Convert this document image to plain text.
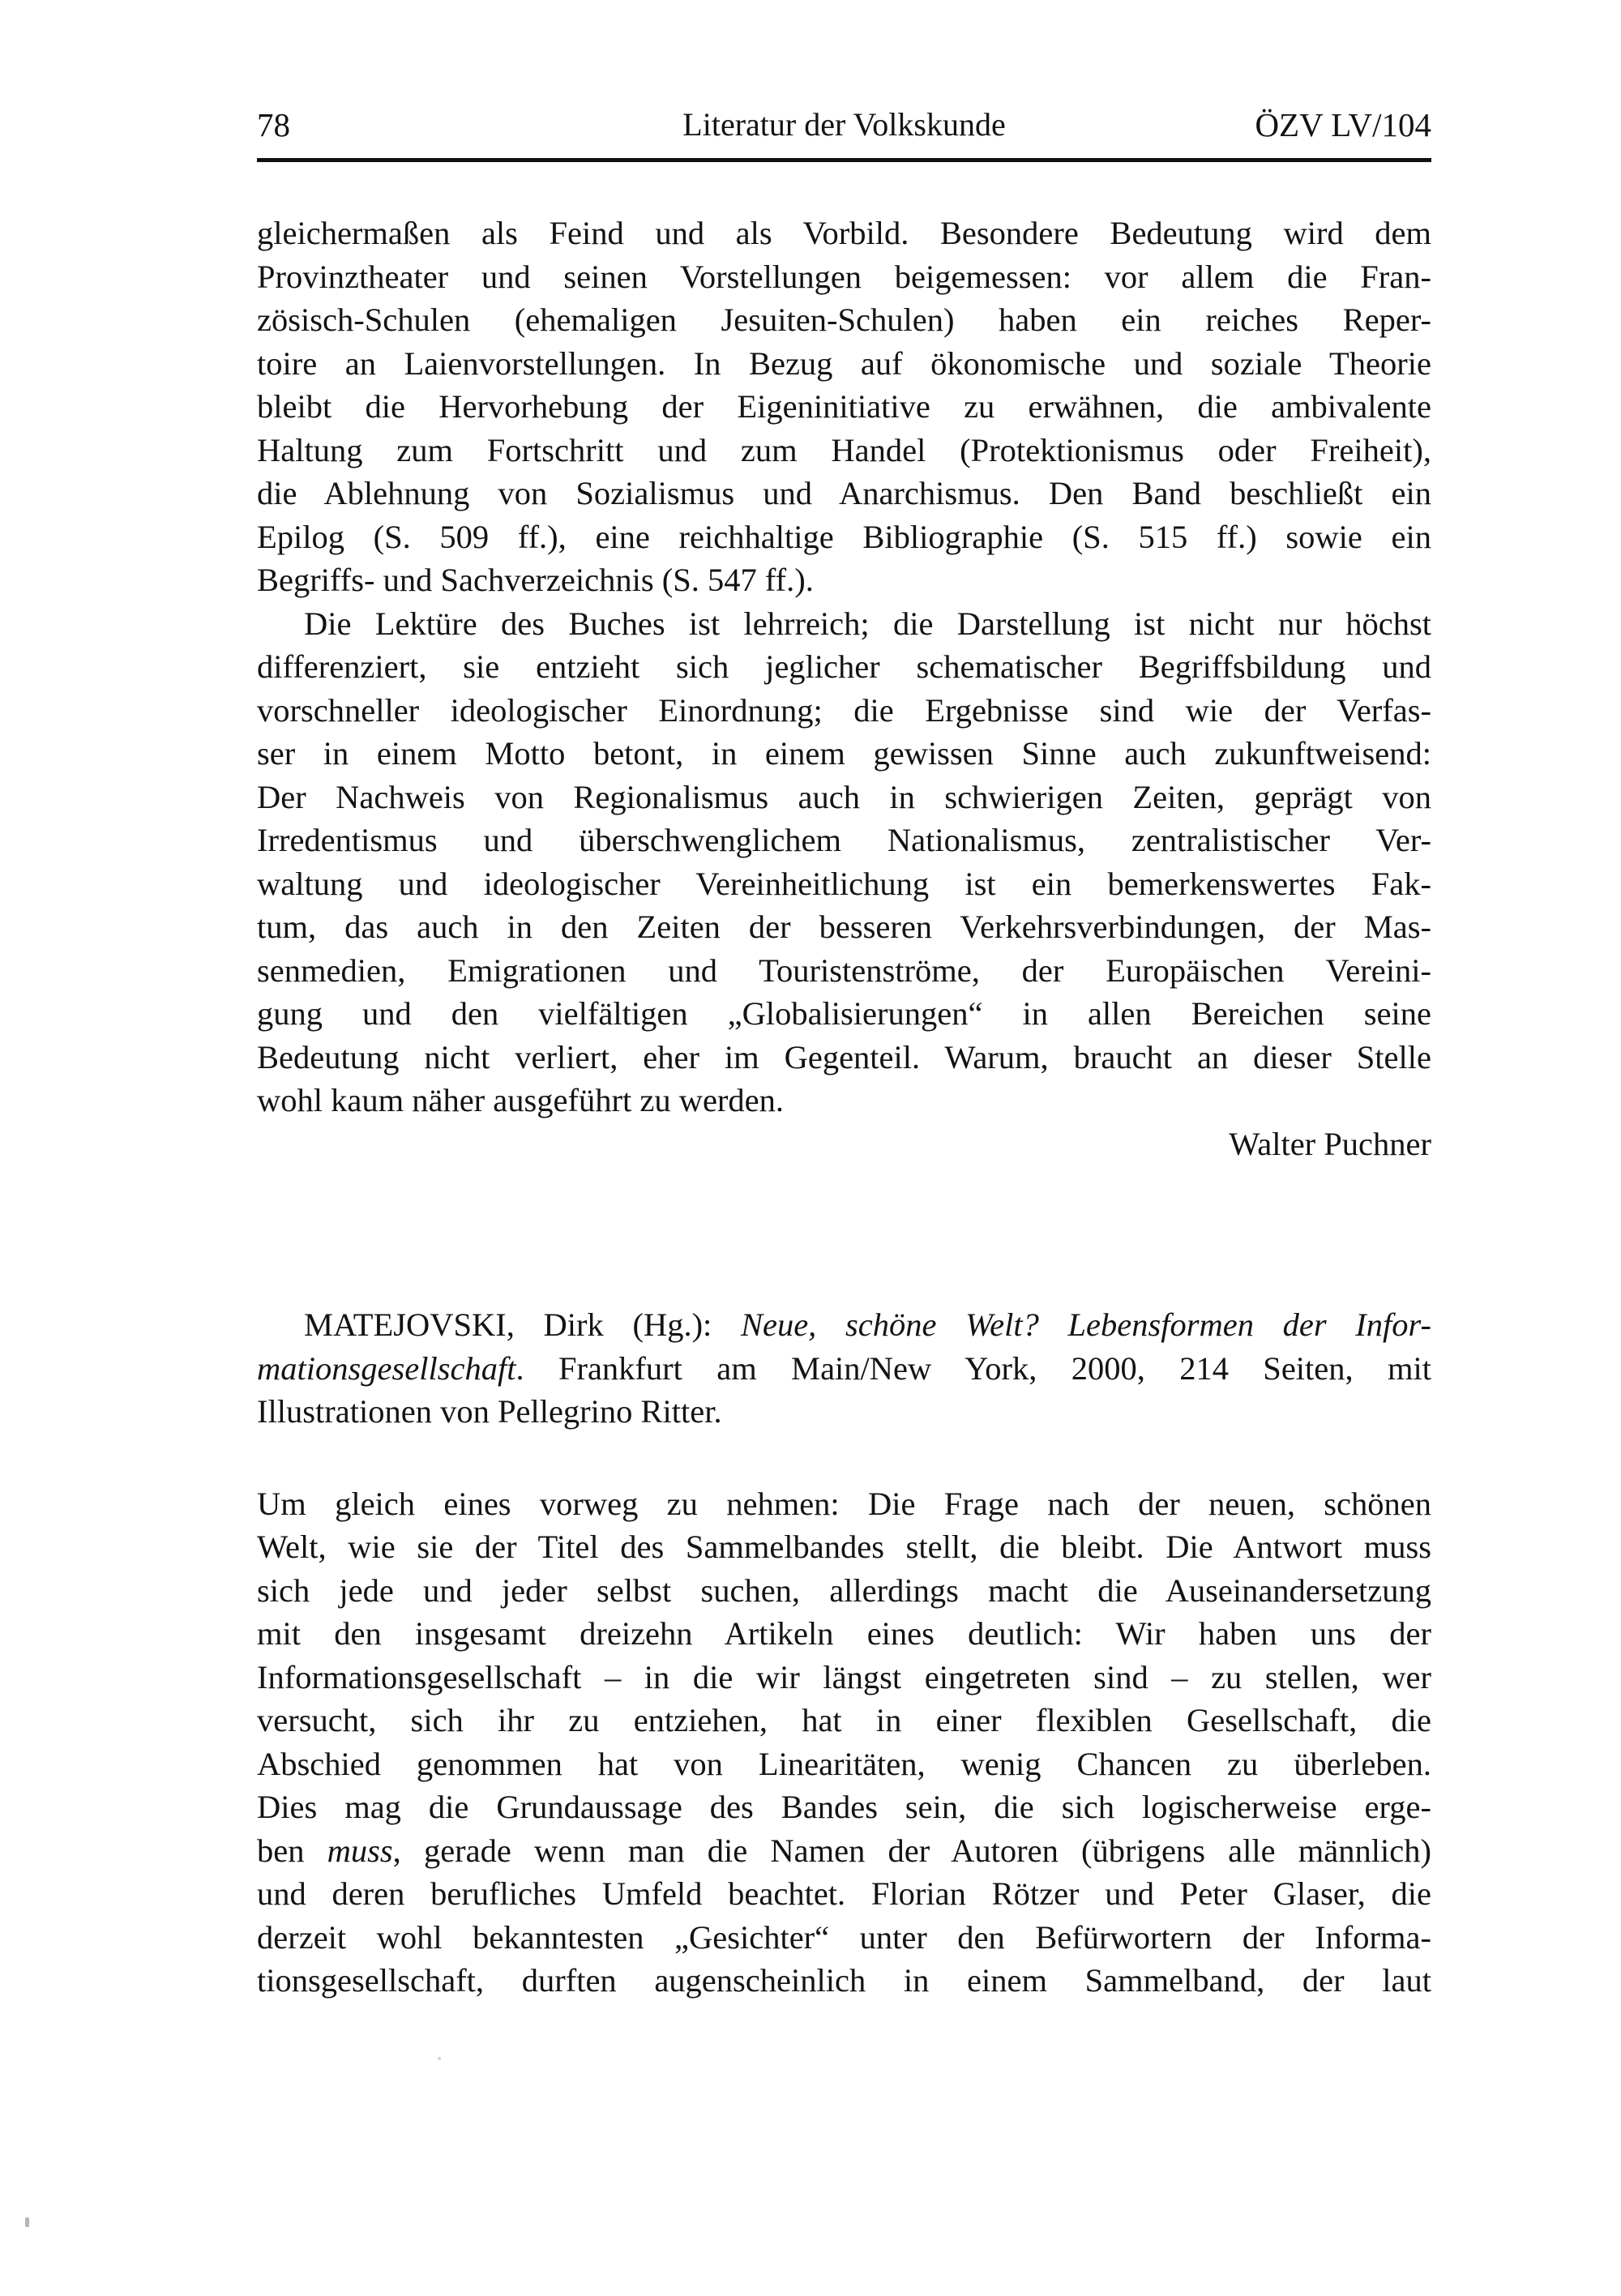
78	Literatur der Volkskunde	ÖZV LV/104
gleichermaßen als Feind und als Vorbild. Besondere Bedeutung wird dem
Provinztheater und seinen Vorstellungen beigemessen: vor allem die Fran-
zösisch-Schulen (ehemaligen Jesuiten-Schulen) haben ein reiches Reper-
toire an Laienvorstellungen. In Bezug auf ökonomische und soziale Theorie
bleibt die Hervorhebung der Eigeninitiative zu erwähnen, die ambivalente
Haltung zum Fortschritt und zum Handel (Protektionismus oder Freiheit),
die Ablehnung von Sozialismus und Anarchismus. Den Band beschließt ein
Epilog (S. 509 ff.), eine reichhaltige Bibliographie (S. 515 ff.) sowie ein
Begriffs- und Sachverzeichnis (S. 547 ff.).
Die Lektüre des Buches ist lehrreich; die Darstellung ist nicht nur höchst
differenziert, sie entzieht sich jeglicher schematischer Begriffsbildung und
vorschneller ideologischer Einordnung; die Ergebnisse sind wie der Verfas-
ser in einem Motto betont, in einem gewissen Sinne auch zukunftweisend:
Der Nachweis von Regionalismus auch in schwierigen Zeiten, geprägt von
Irredentismus und überschwenglichem Nationalismus, zentralistischer Ver-
waltung und ideologischer Vereinheitlichung ist ein bemerkenswertes Fak-
tum, das auch in den Zeiten der besseren Verkehrsverbindungen, der Mas-
senmedien, Emigrationen und Touristenströme, der Europäischen Vereini-
gung und den vielfältigen „Globalisierungen“ in allen Bereichen seine
Bedeutung nicht verliert, eher im Gegenteil. Warum, braucht an dieser Stelle
wohl kaum näher ausgeführt zu werden.
Walter Puchner
MATEJOVSKI, Dirk (Hg.): Neue, schöne Welt? Lebensformen der Infor-
mationsgesellschaft. Frankfurt am Main/New York, 2000, 214 Seiten, mit
Illustrationen von Pellegrino Ritter.
Um gleich eines vorweg zu nehmen: Die Frage nach der neuen, schönen
Welt, wie sie der Titel des Sammelbandes stellt, die bleibt. Die Antwort muss
sich jede und jeder selbst suchen, allerdings macht die Auseinandersetzung
mit den insgesamt dreizehn Artikeln eines deutlich: Wir haben uns der
Informationsgesellschaft – in die wir längst eingetreten sind – zu stellen, wer
versucht, sich ihr zu entziehen, hat in einer flexiblen Gesellschaft, die
Abschied genommen hat von Linearitäten, wenig Chancen zu überleben.
Dies mag die Grundaussage des Bandes sein, die sich logischerweise erge-
ben muss, gerade wenn man die Namen der Autoren (übrigens alle männlich)
und deren berufliches Umfeld beachtet. Florian Rötzer und Peter Glaser, die
derzeit wohl bekanntesten „Gesichter“ unter den Befürwortern der Informa-
tionsgesellschaft, durften augenscheinlich in einem Sammelband, der laut
